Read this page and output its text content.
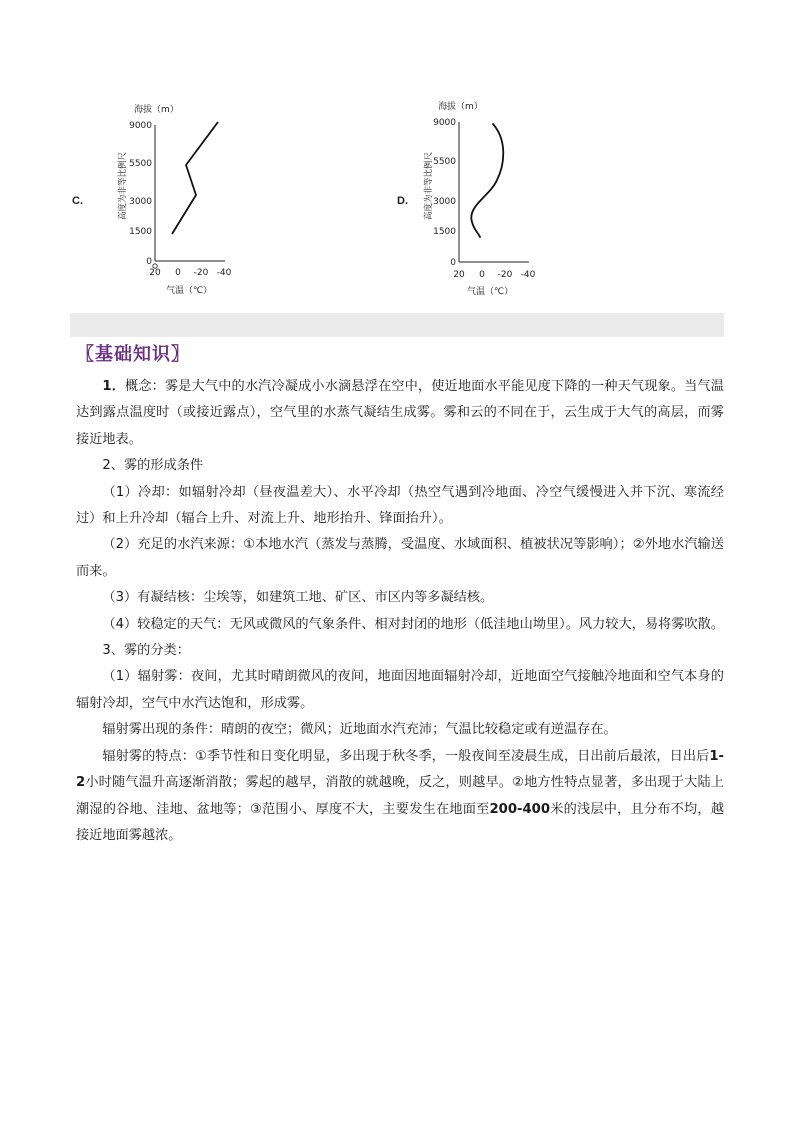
C.
海拔（m）
高度为非等比例尺
9000
5500
3000
1500
0
20 0 -20 -40
气温（℃）
D.
海拔（m）
高度为非等比例尺
9000
5500
3000
1500
0
20 0 -20 -40
气温（℃）
〖基础知识〗

1．概念：雾是大气中的水汽冷凝成小水滴悬浮在空中，使近地面水平能见度下降的一种天气现象。当气温达到露点温度时（或接近露点），空气里的水蒸气凝结生成雾。雾和云的不同在于，云生成于大气的高层，而雾接近地表。

2、雾的形成条件

（1）冷却：如辐射冷却（昼夜温差大）、水平冷却（热空气遇到冷地面、冷空气缓慢进入并下沉、寒流经过）和上升冷却（辐合上升、对流上升、地形抬升、锋面抬升）。

（2）充足的水汽来源：①本地水汽（蒸发与蒸腾，受温度、水域面积、植被状况等影响）；②外地水汽输送而来。

（3）有凝结核：尘埃等，如建筑工地、矿区、市区内等多凝结核。

（4）较稳定的天气：无风或微风的气象条件、相对封闭的地形（低洼地山坳里）。风力较大，易将雾吹散。

3、雾的分类：

（1）辐射雾：夜间，尤其时晴朗微风的夜间，地面因地面辐射冷却，近地面空气接触冷地面和空气本身的辐射冷却，空气中水汽达饱和，形成雾。

辐射雾出现的条件：晴朗的夜空；微风；近地面水汽充沛；气温比较稳定或有逆温存在。

辐射雾的特点：①季节性和日变化明显，多出现于秋冬季，一般夜间至凌晨生成，日出前后最浓，日出后1-2小时随气温升高逐渐消散；雾起的越早，消散的就越晚，反之，则越早。②地方性特点显著，多出现于大陆上潮湿的谷地、洼地、盆地等；③范围小、厚度不大，主要发生在地面至200-400米的浅层中，且分布不均，越接近地面雾越浓。
